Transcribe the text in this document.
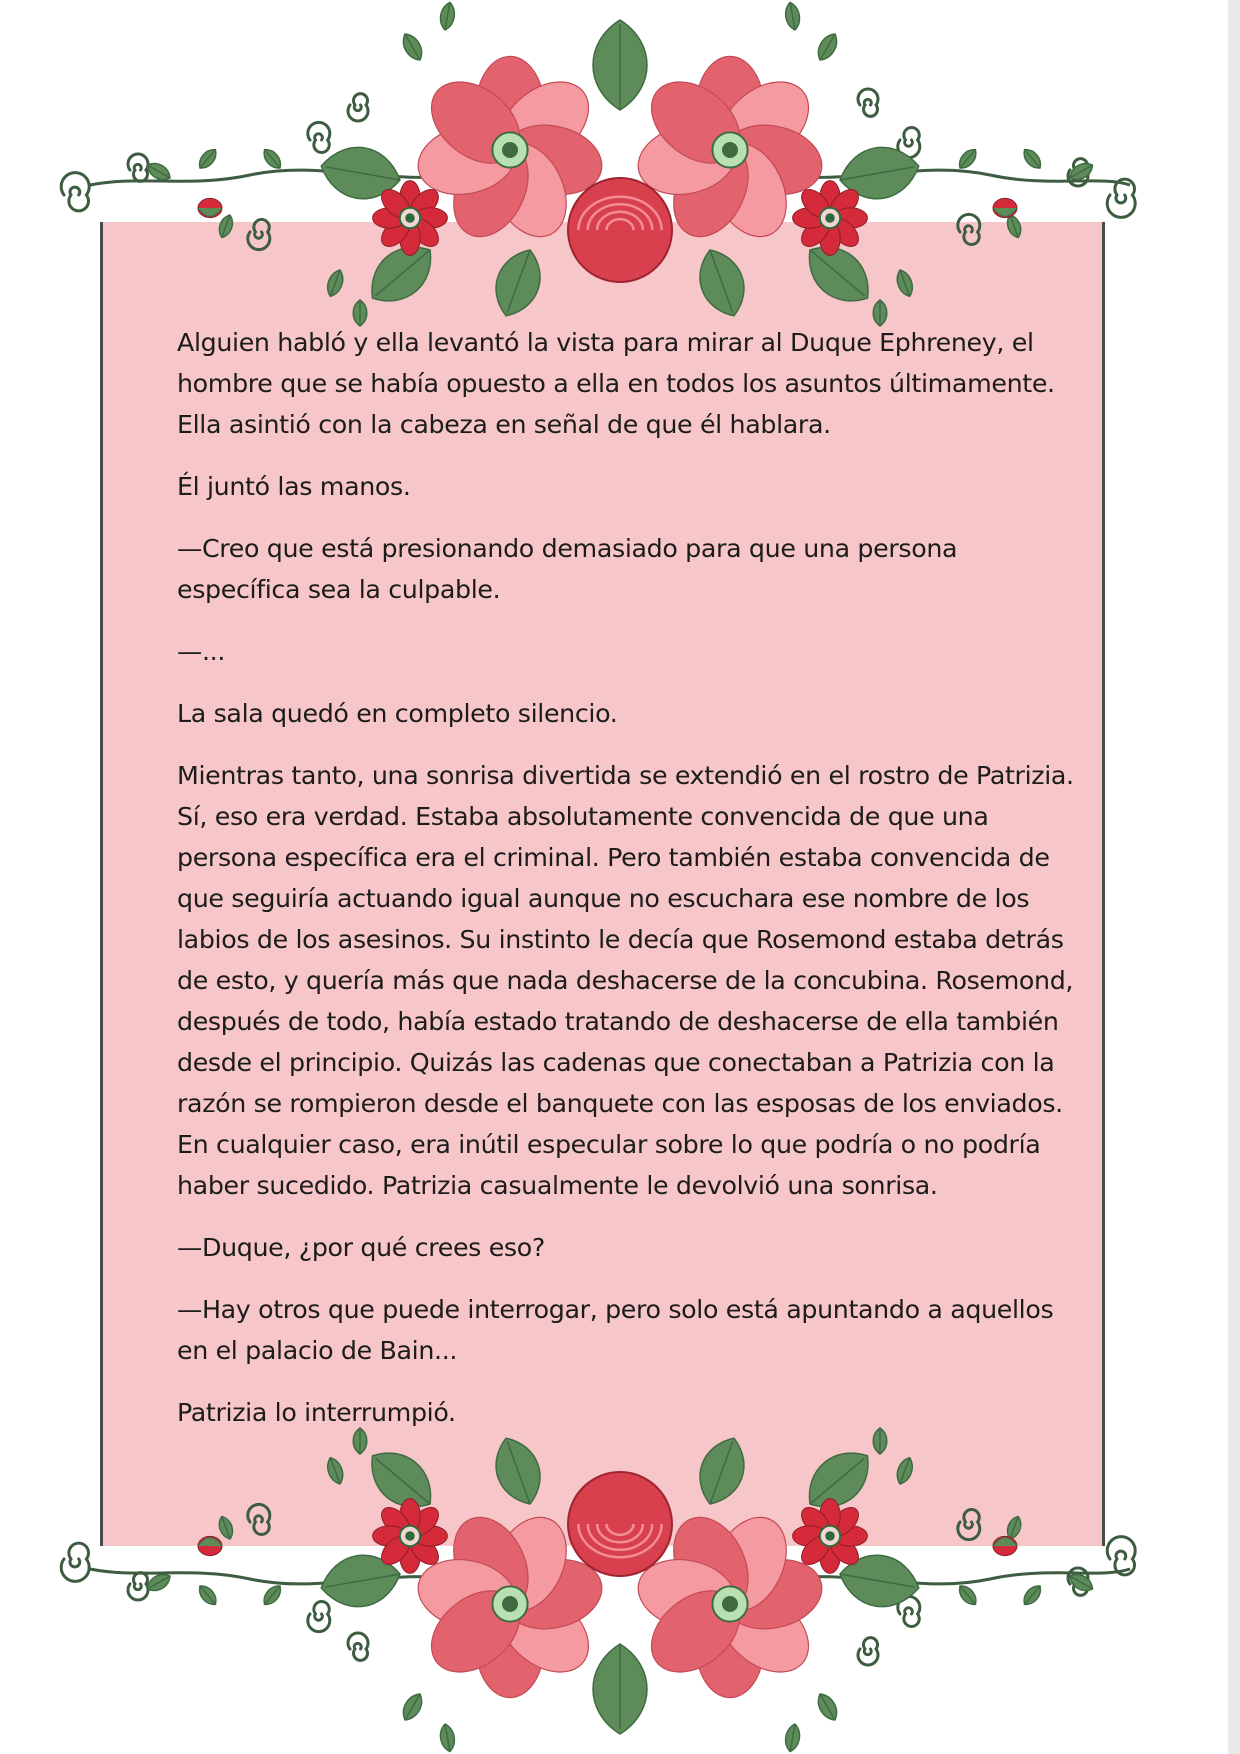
Alguien habló y ella levantó la vista para mirar al Duque Ephreney, el hombre que se había opuesto a ella en todos los asuntos últimamente. Ella asintió con la cabeza en señal de que él hablara.

Él juntó las manos.

—Creo que está presionando demasiado para que una persona específica sea la culpable.

—...

La sala quedó en completo silencio.

Mientras tanto, una sonrisa divertida se extendió en el rostro de Patrizia. Sí, eso era verdad. Estaba absolutamente convencida de que una persona específica era el criminal. Pero también estaba convencida de que seguiría actuando igual aunque no escuchara ese nombre de los labios de los asesinos. Su instinto le decía que Rosemond estaba detrás de esto, y quería más que nada deshacerse de la concubina. Rosemond, después de todo, había estado tratando de deshacerse de ella también desde el principio. Quizás las cadenas que conectaban a Patrizia con la razón se rompieron desde el banquete con las esposas de los enviados. En cualquier caso, era inútil especular sobre lo que podría o no podría haber sucedido. Patrizia casualmente le devolvió una sonrisa.

—Duque, ¿por qué crees eso?

—Hay otros que puede interrogar, pero solo está apuntando a aquellos en el palacio de Bain...

Patrizia lo interrumpió.
